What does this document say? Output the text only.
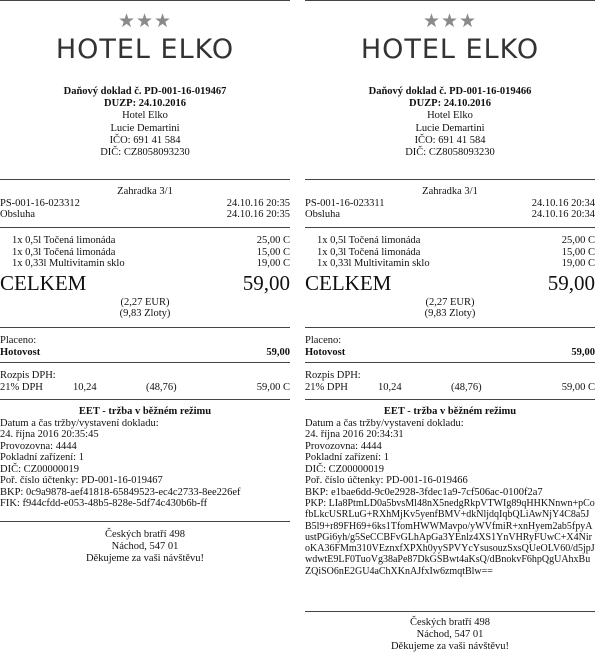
★★★
HOTEL ELKO
Daňový doklad č. PD-001-16-019467
DUZP: 24.10.2016
Hotel Elko
Lucie Demartini
IČO: 691 41 584
DIČ: CZ8058093230
Zahradka 3/1
PS-001-16-023312	24.10.16 20:35
Obsluha	24.10.16 20:35
1x 0,5l Točená limonáda	25,00 C
1x 0,3l Točená limonáda	15,00 C
1x 0,33l Multivitamin sklo	19,00 C
CELKEM	59,00
(2,27 EUR)
(9,83 Zloty)
Placeno:
Hotovost	59,00
Rozpis DPH:
21% DPH	10,24	(48,76)	59,00 C
EET - tržba v běžném režimu
Datum a čas tržby/vystavení dokladu:
24. října 2016 20:35:45
Provozovna: 4444
Pokladní zařízení: 1
DIČ: CZ00000019
Poř. číslo účtenky: PD-001-16-019467
BKP: 0c9a9878-aef41818-65849523-ec4c2733-8ee226ef
FIK: f944cfdd-e053-48b5-828e-5df74c430b6b-ff
Českých bratří 498
Náchod, 547 01
Děkujeme za vaši návštěvu!
★★★
HOTEL ELKO
Daňový doklad č. PD-001-16-019466
DUZP: 24.10.2016
Hotel Elko
Lucie Demartini
IČO: 691 41 584
DIČ: CZ8058093230
Zahradka 3/1
PS-001-16-023311	24.10.16 20:34
Obsluha	24.10.16 20:34
1x 0,5l Točená limonáda	25,00 C
1x 0,3l Točená limonáda	15,00 C
1x 0,33l Multivitamin sklo	19,00 C
CELKEM	59,00
(2,27 EUR)
(9,83 Zloty)
Placeno:
Hotovost	59,00
Rozpis DPH:
21% DPH	10,24	(48,76)	59,00 C
EET - tržba v běžném režimu
Datum a čas tržby/vystavení dokladu:
24. října 2016 20:34:31
Provozovna: 4444
Pokladní zařízení: 1
DIČ: CZ00000019
Poř. číslo účtenky: PD-001-16-019466
BKP: e1bae6dd-9c0e2928-3fdec1a9-7cf506ac-0100f2a7
PKP: LIa8PtmLD0a5bvsMl48nX5nedgRkpVTWIg89qHHKNnwn+pCofbLkcUSRLuG+RXhMjKv5yenfBMV+dkNljdqIqbQLiAwNjY4C8a5JB5l9+r89FH69+6ks1TfomHWWMavpo/yWVfmiR+xnHyem2ab5fpyAustPGi6yh/g5SeCCBFvGLhApGa3YEnlz4XS1YnVHRyFUwC+X4NiroKA36FMm310VEznxfXPXh0yySPVYcYsusouzSxsQUeOLV60/d5jpJwdwtE9LF0TuoVg38aPe87DkGSBwt4aKsQ/dBnokvF6hpQgUAhxBuZQiSO6nE2GU4aChXKnAJfxIw6zmqtBlw==
Českých bratří 498
Náchod, 547 01
Děkujeme za vaši návštěvu!
